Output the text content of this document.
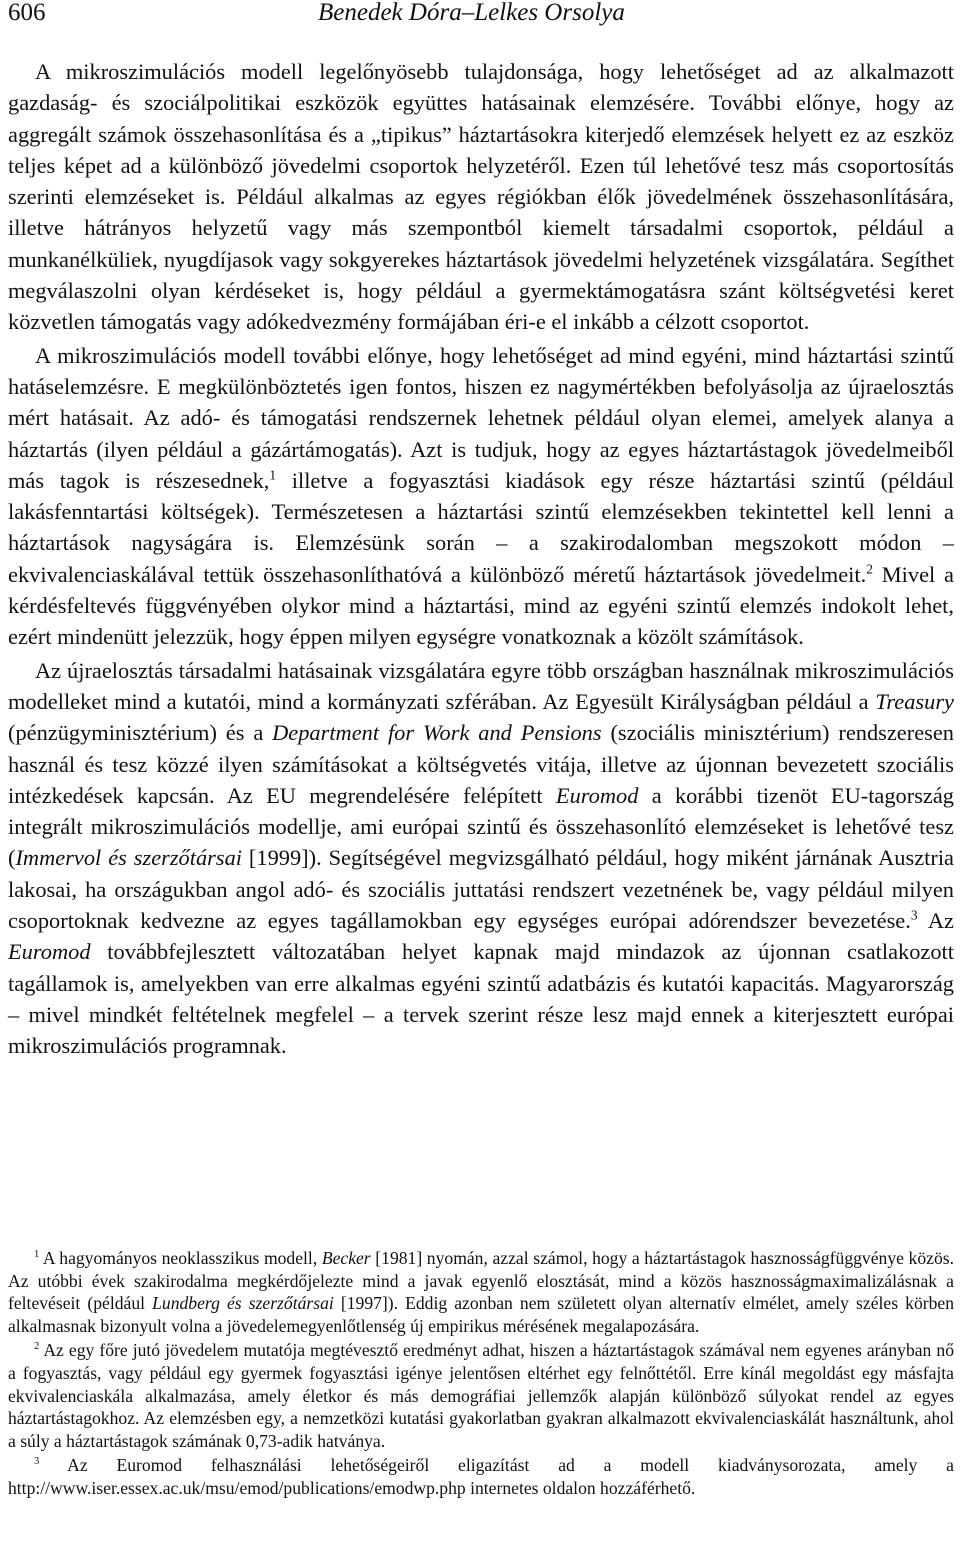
606	Benedek Dóra–Lelkes Orsolya

A mikroszimulációs modell legelőnyösebb tulajdonsága, hogy lehetőséget ad az alkalmazott gazdaság- és szociálpolitikai eszközök együttes hatásainak elemzésére. További előnye, hogy az aggregált számok összehasonlítása és a „tipikus” háztartásokra kiterjedő elemzések helyett ez az eszköz teljes képet ad a különböző jövedelmi csoportok helyzetéről. Ezen túl lehetővé tesz más csoportosítás szerinti elemzéseket is. Például alkalmas az egyes régiókban élők jövedelmének összehasonlítására, illetve hátrányos helyzetű vagy más szempontból kiemelt társadalmi csoportok, például a munkanélküliek, nyugdíjasok vagy sokgyerekes háztartások jövedelmi helyzetének vizsgálatára. Segíthet megválaszolni olyan kérdéseket is, hogy például a gyermektámogatásra szánt költségvetési keret közvetlen támogatás vagy adókedvezmény formájában éri-e el inkább a célzott csoportot.

A mikroszimulációs modell további előnye, hogy lehetőséget ad mind egyéni, mind háztartási szintű hatáselemzésre. E megkülönböztetés igen fontos, hiszen ez nagymértékben befolyásolja az újraelosztás mért hatásait. Az adó- és támogatási rendszernek lehetnek például olyan elemei, amelyek alanya a háztartás (ilyen például a gázártámogatás). Azt is tudjuk, hogy az egyes háztartástagok jövedelmeiből más tagok is részesednek,$^1$ illetve a fogyasztási kiadások egy része háztartási szintű (például lakásfenntartási költségek). Természetesen a háztartási szintű elemzésekben tekintettel kell lenni a háztartások nagyságára is. Elemzésünk során – a szakirodalomban megszokott módon – ekvivalenciaskálával tettük összehasonlíthatóvá a különböző méretű háztartások jövedelmeit.$^2$ Mivel a kérdésfeltevés függvényében olykor mind a háztartási, mind az egyéni szintű elemzés indokolt lehet, ezért mindenütt jelezzük, hogy éppen milyen egységre vonatkoznak a közölt számítások.

Az újraelosztás társadalmi hatásainak vizsgálatára egyre több országban használnak mikroszimulációs modelleket mind a kutatói, mind a kormányzati szférában. Az Egyesült Királyságban például a Treasury (pénzügyminisztérium) és a Department for Work and Pensions (szociális minisztérium) rendszeresen használ és tesz közzé ilyen számításokat a költségvetés vitája, illetve az újonnan bevezetett szociális intézkedések kapcsán. Az EU megrendelésére felépített Euromod a korábbi tizenöt EU-tagország integrált mikroszimulációs modellje, ami európai szintű és összehasonlító elemzéseket is lehetővé tesz (Immervol és szerzőtársai [1999]). Segítségével megvizsgálható például, hogy miként járnának Ausztria lakosai, ha országukban angol adó- és szociális juttatási rendszert vezetnének be, vagy például milyen csoportoknak kedvezne az egyes tagállamokban egy egységes európai adórendszer bevezetése.$^3$ Az Euromod továbbfejlesztett változatában helyet kapnak majd mindazok az újonnan csatlakozott tagállamok is, amelyekben van erre alkalmas egyéni szintű adatbázis és kutatói kapacitás. Magyarország – mivel mindkét feltételnek megfelel – a tervek szerint része lesz majd ennek a kiterjesztett európai mikroszimulációs programnak.

$^1$ A hagyományos neoklasszikus modell, Becker [1981] nyomán, azzal számol, hogy a háztartástagok hasznosságfüggvénye közös. Az utóbbi évek szakirodalma megkérdőjelezte mind a javak egyenlő elosztását, mind a közös hasznosságmaximalizálásnak a feltevéseit (például Lundberg és szerzőtársai [1997]). Eddig azonban nem született olyan alternatív elmélet, amely széles körben alkalmasnak bizonyult volna a jövedelemegyenlőtlenség új empirikus mérésének megalapozására.

$^2$ Az egy főre jutó jövedelem mutatója megtévesztő eredményt adhat, hiszen a háztartástagok számával nem egyenes arányban nő a fogyasztás, vagy például egy gyermek fogyasztási igénye jelentősen eltérhet egy felnőttétől. Erre kínál megoldást egy másfajta ekvivalenciaskála alkalmazása, amely életkor és más demográfiai jellemzők alapján különböző súlyokat rendel az egyes háztartástagokhoz. Az elemzésben egy, a nemzetközi kutatási gyakorlatban gyakran alkalmazott ekvivalenciaskálát használtunk, ahol a súly a háztartástagok számának 0,73-adik hatványa.

$^3$ Az Euromod felhasználási lehetőségeiről eligazítást ad a modell kiadványsorozata, amely a http://www.iser.essex.ac.uk/msu/emod/publications/emodwp.php internetes oldalon hozzáférhető.
